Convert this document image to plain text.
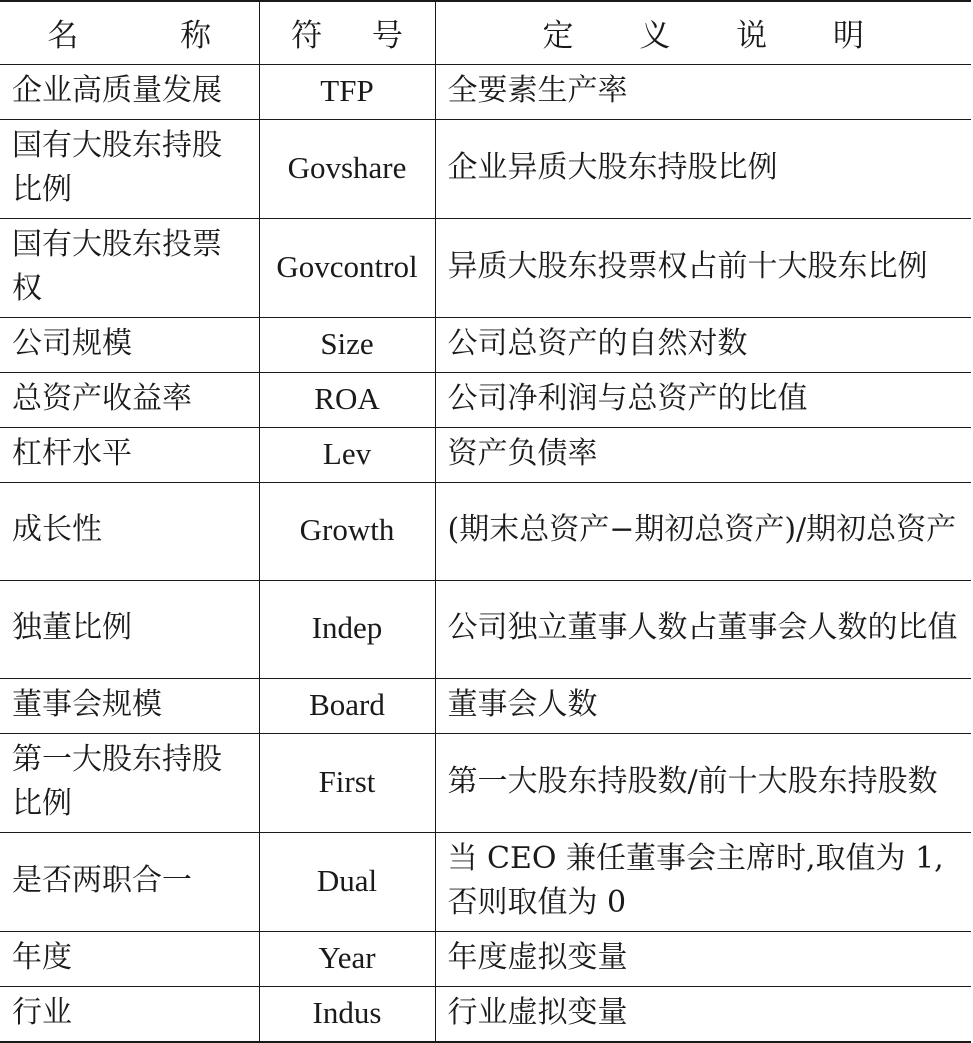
名 称	符 号	定 义 说 明
企业高质量发展	TFP	全要素生产率
国有大股东持股比例	Govshare	企业异质大股东持股比例
国有大股东投票权	Govcontrol	异质大股东投票权占前十大股东比例
公司规模	Size	公司总资产的自然对数
总资产收益率	ROA	公司净利润与总资产的比值
杠杆水平	Lev	资产负债率
成长性	Growth	(期末总资产−期初总资产)/期初总资产
独董比例	Indep	公司独立董事人数占董事会人数的比值
董事会规模	Board	董事会人数
第一大股东持股比例	First	第一大股东持股数/前十大股东持股数
是否两职合一	Dual	当 CEO 兼任董事会主席时,取值为 1,否则取值为 0
年度	Year	年度虚拟变量
行业	Indus	行业虚拟变量
